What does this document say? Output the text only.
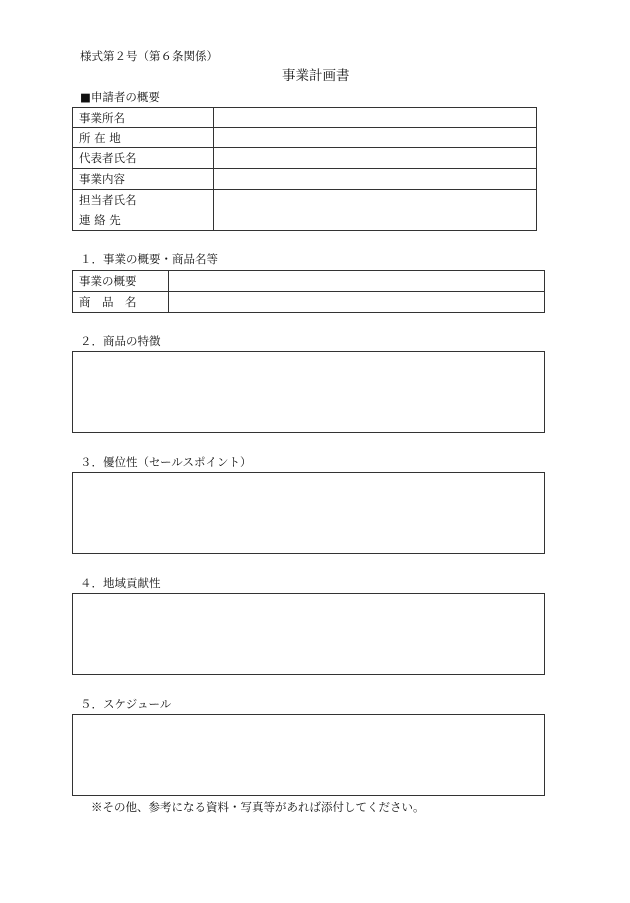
様式第２号（第６条関係）
事業計画書
■申請者の概要
事業所名	
所 在 地	
代表者氏名	
事業内容	

担当者氏名
連 絡 先	

１．事業の概要・商品名等
事業の概要	
商　品　名	
２．商品の特徴
３．優位性（セールスポイント）
４．地域貢献性
５．スケジュール
※その他、参考になる資料・写真等があれば添付してください。
